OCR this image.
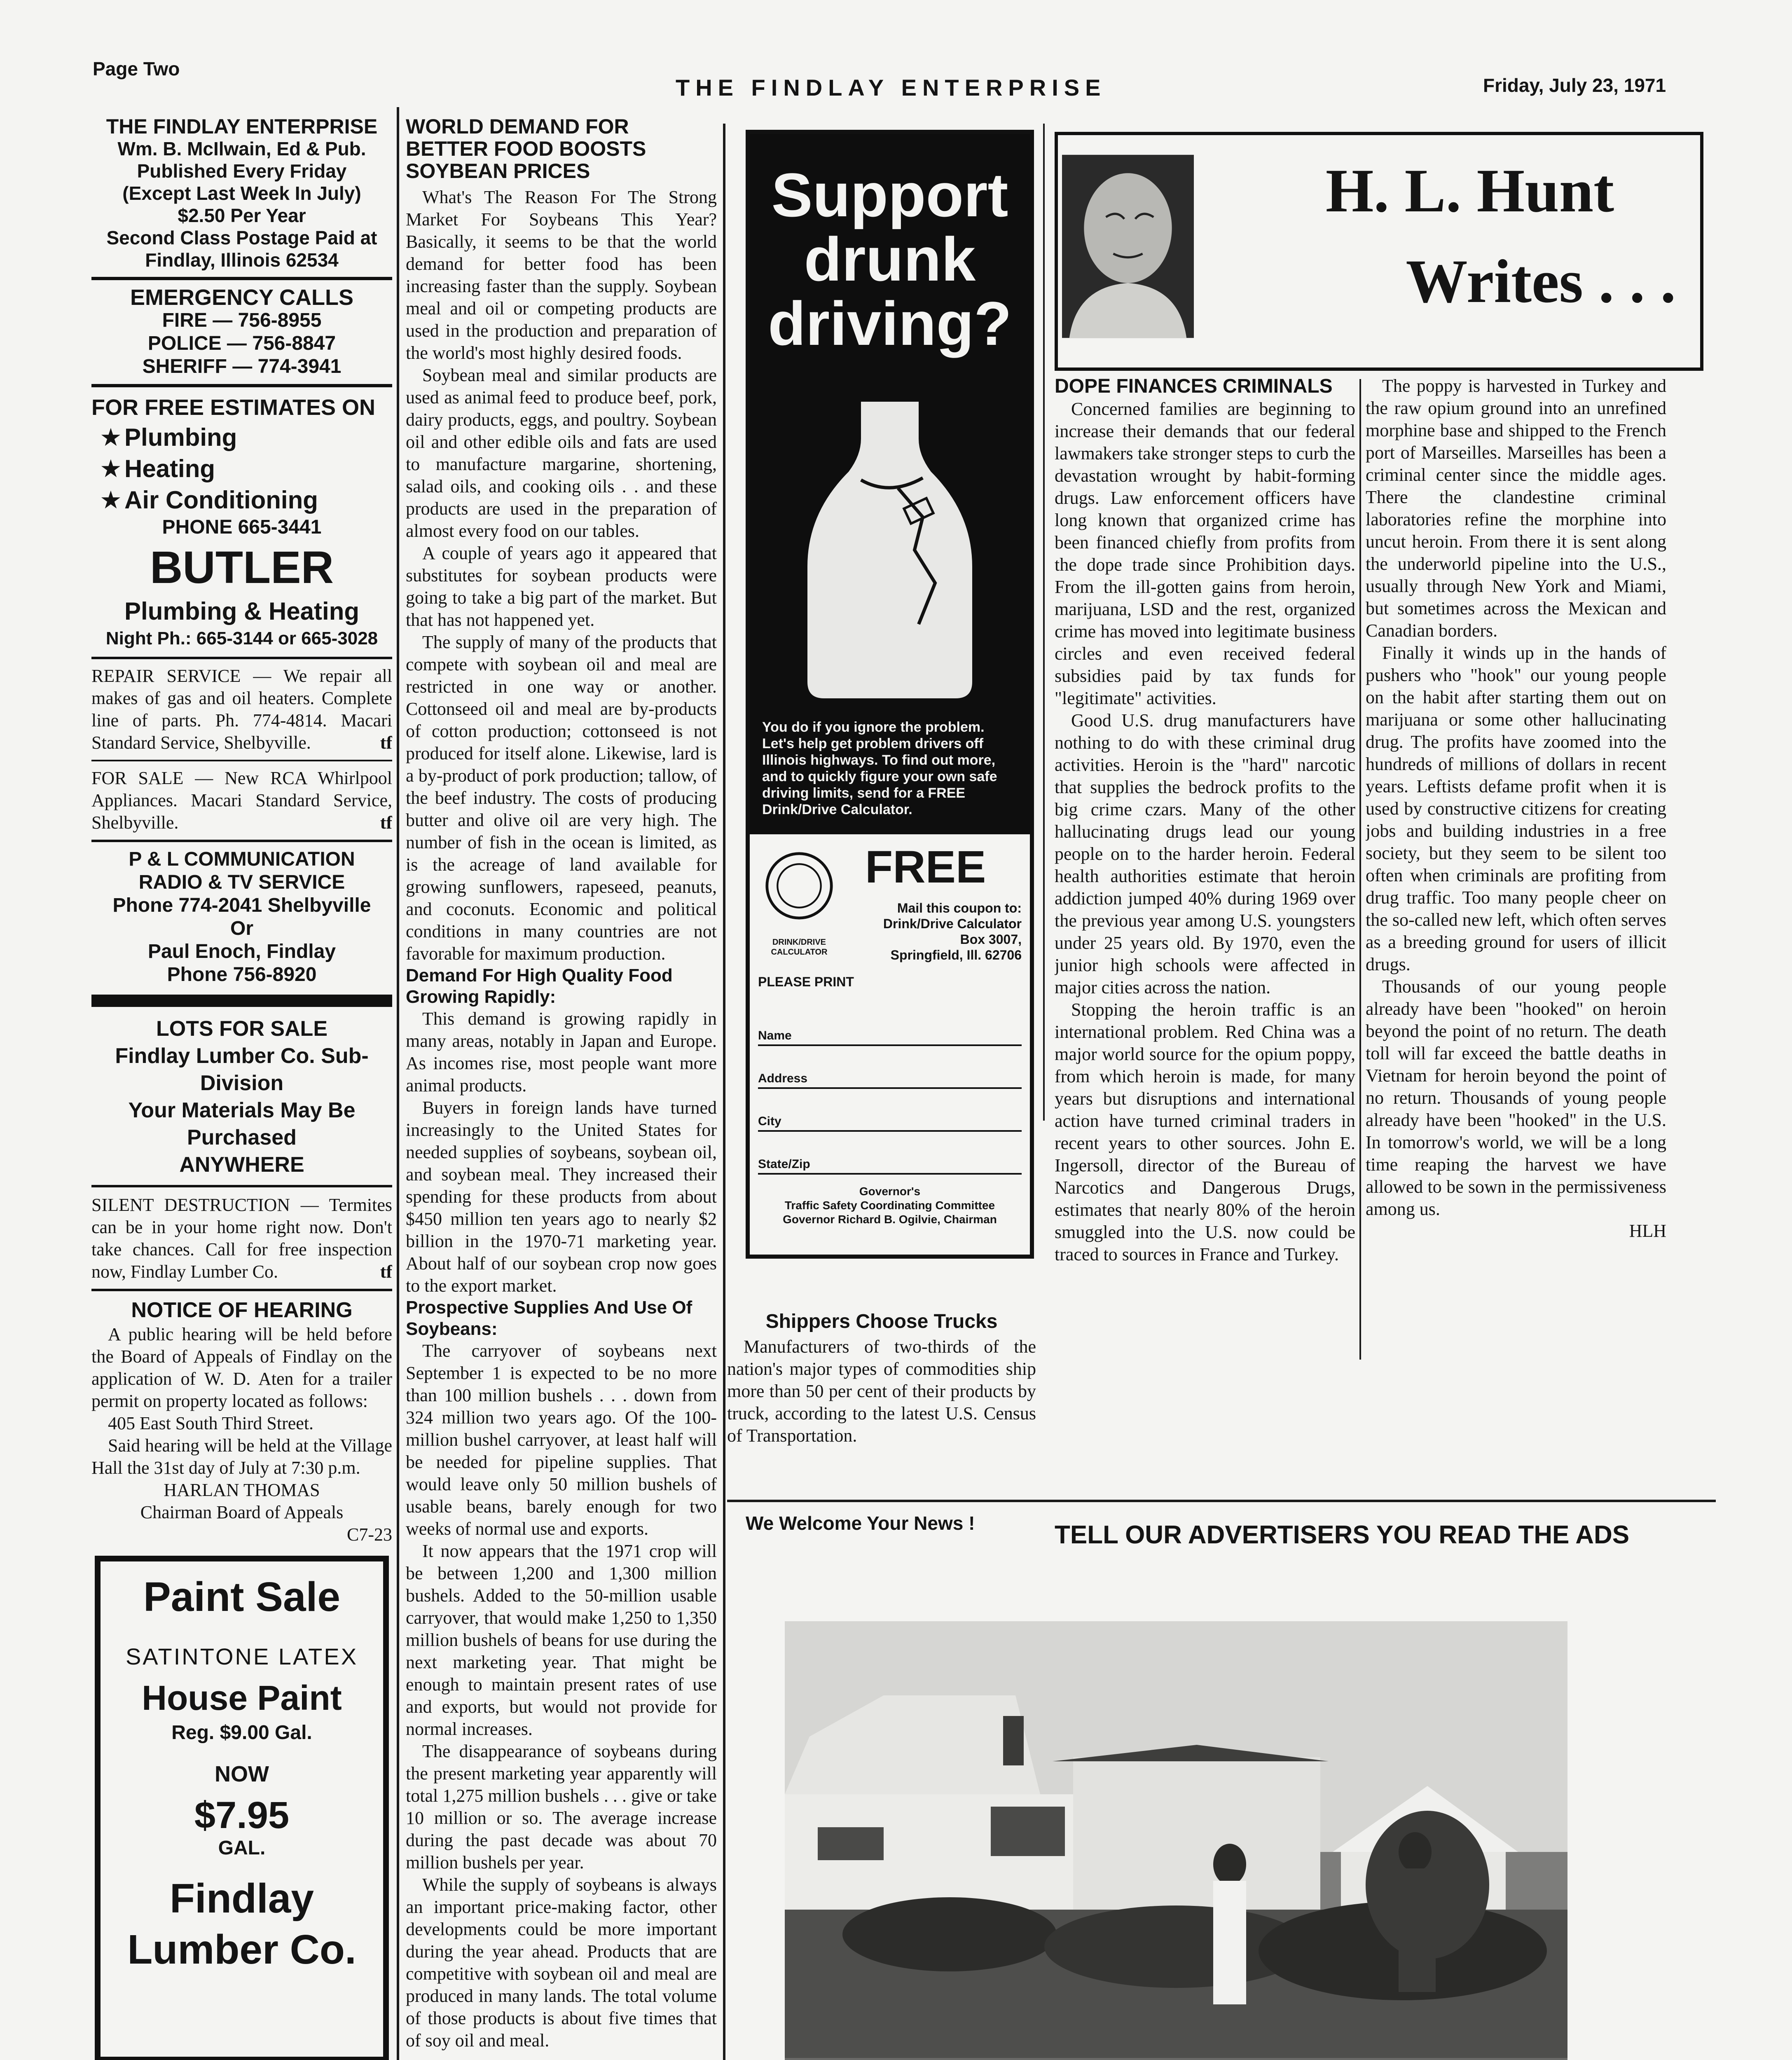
Page Two
THE FINDLAY ENTERPRISE	Friday, July 23, 1971
THE FINDLAY ENTERPRISE
Wm. B. McIlwain, Ed & Pub.
Published Every Friday
(Except Last Week In July)
$2.50 Per Year
Second Class Postage Paid at
Findlay, Illinois 62534
EMERGENCY CALLS
FIRE — 756-8955
POLICE — 756-8847
SHERIFF — 774-3941
FOR FREE ESTIMATES ON
★ Plumbing
★ Heating
★ Air Conditioning
PHONE 665-3441
BUTLER
Plumbing & Heating
Night Ph.: 665-3144 or 665-3028

REPAIR SERVICE — We repair all makes of gas and oil heaters. Complete line of parts. Ph. 774-4814. Macari Standard Service, Shelbyville.	tf

FOR SALE — New RCA Whirlpool Appliances. Macari Standard Service, Shelbyville.	tf

P & L COMMUNICATION
RADIO & TV SERVICE
Phone 774-2041 Shelbyville
Or
Paul Enoch, Findlay
Phone 756-8920
LOTS FOR SALE
Findlay Lumber Co. Sub-Division
Your Materials May Be Purchased
ANYWHERE

SILENT DESTRUCTION — Termites can be in your home right now. Don't take chances. Call for free inspection now, Findlay Lumber Co.	tf

NOTICE OF HEARING

A public hearing will be held before the Board of Appeals of Findlay on the application of W. D. Aten for a trailer permit on property located as follows:

405 East South Third Street.

Said hearing will be held at the Village Hall the 31st day of July at 7:30 p.m.

HARLAN THOMAS
Chairman Board of Appeals
C7-23
Paint Sale
SATINTONE LATEX
House Paint
Reg. $9.00 Gal.
NOW
$7.95
GAL.
Findlay
Lumber Co.

WORLD DEMAND FOR BETTER FOOD BOOSTS SOYBEAN PRICES

What's The Reason For The Strong Market For Soybeans This Year? Basically, it seems to be that the world demand for better food has been increasing faster than the supply. Soybean meal and oil or competing products are used in the production and preparation of the world's most highly desired foods.

Soybean meal and similar products are used as animal feed to produce beef, pork, dairy products, eggs, and poultry. Soybean oil and other edible oils and fats are used to manufacture margarine, shortening, salad oils, and cooking oils . . and these products are used in the preparation of almost every food on our tables.

A couple of years ago it appeared that substitutes for soybean products were going to take a big part of the market. But that has not happened yet.

The supply of many of the products that compete with soybean oil and meal are restricted in one way or another. Cottonseed oil and meal are by-products of cotton production; cottonseed is not produced for itself alone. Likewise, lard is a by-product of pork production; tallow, of the beef industry. The costs of producing butter and olive oil are very high. The number of fish in the ocean is limited, as is the acreage of land available for growing sunflowers, rapeseed, peanuts, and coconuts. Economic and political conditions in many countries are not favorable for maximum production.

Demand For High Quality Food Growing Rapidly:

This demand is growing rapidly in many areas, notably in Japan and Europe. As incomes rise, most people want more animal products.

Buyers in foreign lands have turned increasingly to the United States for needed supplies of soybeans, soybean oil, and soybean meal. They increased their spending for these products from about $450 million ten years ago to nearly $2 billion in the 1970-71 marketing year. About half of our soybean crop now goes to the export market.

Prospective Supplies And Use Of Soybeans:

The carryover of soybeans next September 1 is expected to be no more than 100 million bushels . . . down from 324 million two years ago. Of the 100-million bushel carryover, at least half will be needed for pipeline supplies. That would leave only 50 million bushels of usable beans, barely enough for two weeks of normal use and exports.

It now appears that the 1971 crop will be between 1,200 and 1,300 million bushels. Added to the 50-million usable carryover, that would make 1,250 to 1,350 million bushels of beans for use during the next marketing year. That might be enough to maintain present rates of use and exports, but would not provide for normal increases.

The disappearance of soybeans during the present marketing year apparently will total 1,275 million bushels . . . give or take 10 million or so. The average increase during the past decade was about 70 million bushels per year.

While the supply of soybeans is always an important price-making factor, other developments could be more important during the year ahead. Products that are competitive with soybean oil and meal are produced in many lands. The total volume of those products is about five times that of soy oil and meal.

Support drunk driving?
You do if you ignore the problem. Let's help get problem drivers off Illinois highways. To find out more, and to quickly figure your own safe driving limits, send for a FREE Drink/Drive Calculator.
DRINK/DRIVE CALCULATOR
FREE
Mail this coupon to:
Drink/Drive Calculator
Box 3007,
Springfield, Ill. 62706
PLEASE PRINT
Name
Address
City
State/Zip
Governor's
Traffic Safety Coordinating Committee
Governor Richard B. Ogilvie, Chairman
Shippers Choose Trucks

Manufacturers of two-thirds of the nation's major types of commodities ship more than 50 per cent of their products by truck, according to the latest U.S. Census of Transportation.

We Welcome Your News !
H. L. Hunt
Writes . . .
DOPE FINANCES CRIMINALS

Concerned families are beginning to increase their demands that our federal lawmakers take stronger steps to curb the devastation wrought by habit-forming drugs. Law enforcement officers have long known that organized crime has been financed chiefly from profits from the dope trade since Prohibition days. From the ill-gotten gains from heroin, marijuana, LSD and the rest, organized crime has moved into legitimate business circles and even received federal subsidies paid by tax funds for "legitimate" activities.

Good U.S. drug manufacturers have nothing to do with these criminal drug activities. Heroin is the "hard" narcotic that supplies the bedrock profits to the big crime czars. Many of the other hallucinating drugs lead our young people on to the harder heroin. Federal health authorities estimate that heroin addiction jumped 40% during 1969 over the previous year among U.S. youngsters under 25 years old. By 1970, even the junior high schools were affected in major cities across the nation.

Stopping the heroin traffic is an international problem. Red China was a major world source for the opium poppy, from which heroin is made, for many years but disruptions and international action have turned criminal traders in recent years to other sources. John E. Ingersoll, director of the Bureau of Narcotics and Dangerous Drugs, estimates that nearly 80% of the heroin smuggled into the U.S. now could be traced to sources in France and Turkey.

The poppy is harvested in Turkey and the raw opium ground into an unrefined morphine base and shipped to the French port of Marseilles. Marseilles has been a criminal center since the middle ages. There the clandestine criminal laboratories refine the morphine into uncut heroin. From there it is sent along the underworld pipeline into the U.S., usually through New York and Miami, but sometimes across the Mexican and Canadian borders.

Finally it winds up in the hands of pushers who "hook" our young people on the habit after starting them out on marijuana or some other hallucinating drug. The profits have zoomed into the hundreds of millions of dollars in recent years. Leftists defame profit when it is used by constructive citizens for creating jobs and building industries in a free society, but they seem to be silent too often when criminals are profiting from drug traffic. Too many people cheer on the so-called new left, which often serves as a breeding ground for users of illicit drugs.

Thousands of our young people already have been "hooked" on heroin beyond the point of no return. The death toll will far exceed the battle deaths in Vietnam for heroin beyond the point of no return. Thousands of young people already have been "hooked" in the U.S. In tomorrow's world, we will be a long time reaping the harvest we have allowed to be sown in the permissiveness among us.

HLH
TELL OUR ADVERTISERS YOU READ THE ADS
